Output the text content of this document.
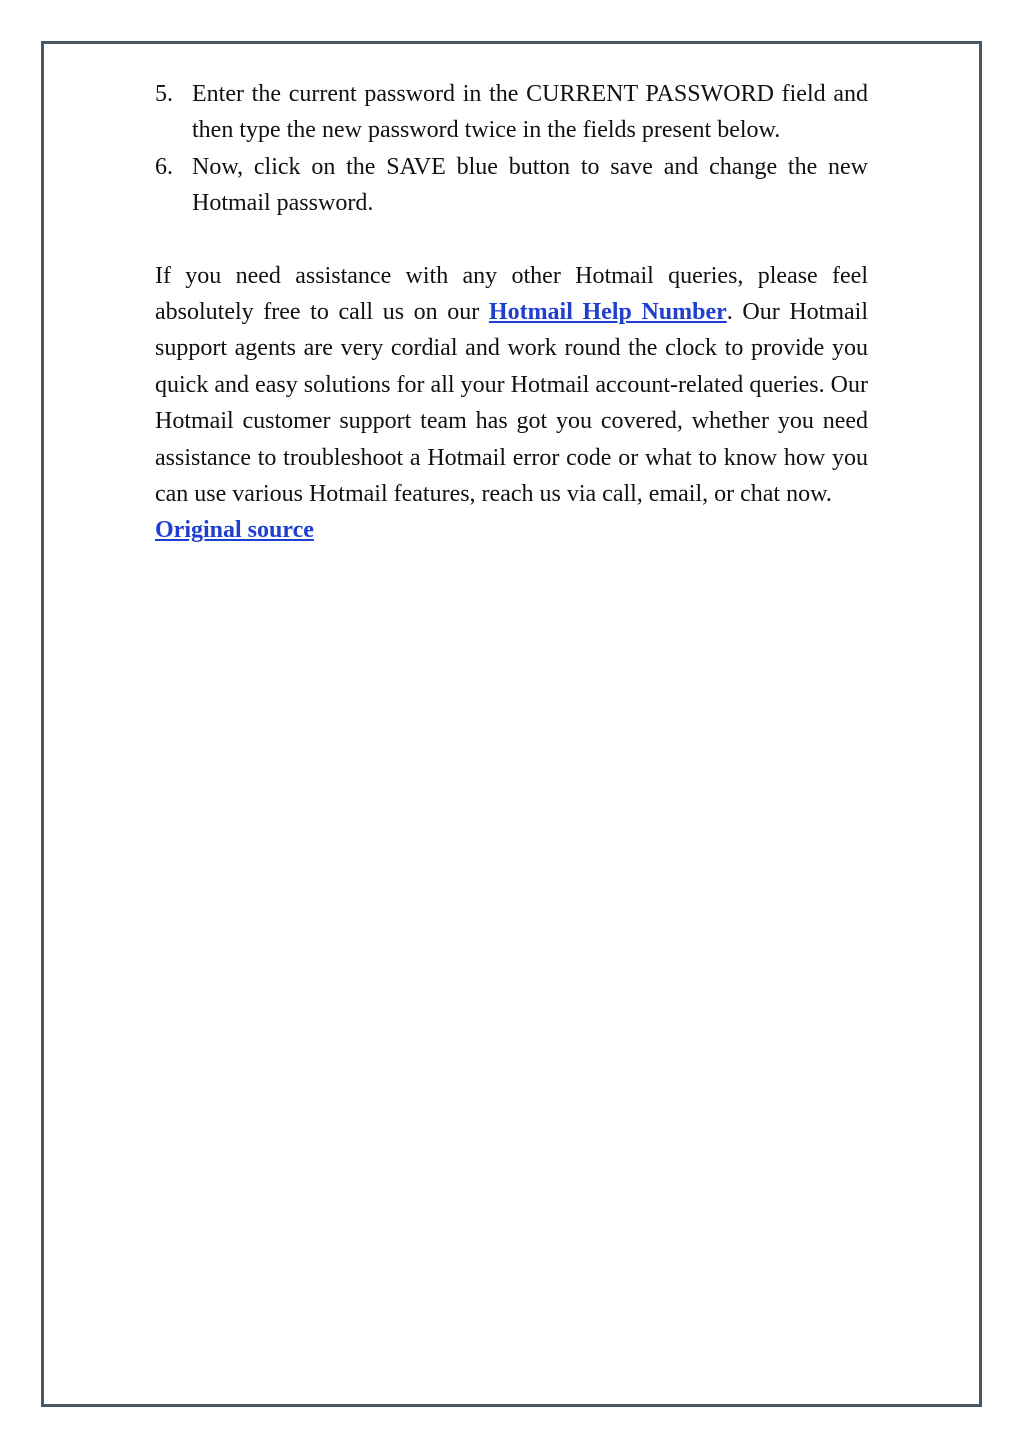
5. Enter the current password in the CURRENT PASSWORD field and then type the new password twice in the fields present below.
6. Now, click on the SAVE blue button to save and change the new Hotmail password.

If you need assistance with any other Hotmail queries, please feel absolutely free to call us on our Hotmail Help Number. Our Hotmail support agents are very cordial and work round the clock to provide you quick and easy solutions for all your Hotmail account-related queries. Our Hotmail customer support team has got you covered, whether you need assistance to troubleshoot a Hotmail error code or what to know how you can use various Hotmail features, reach us via call, email, or chat now.

Original source
